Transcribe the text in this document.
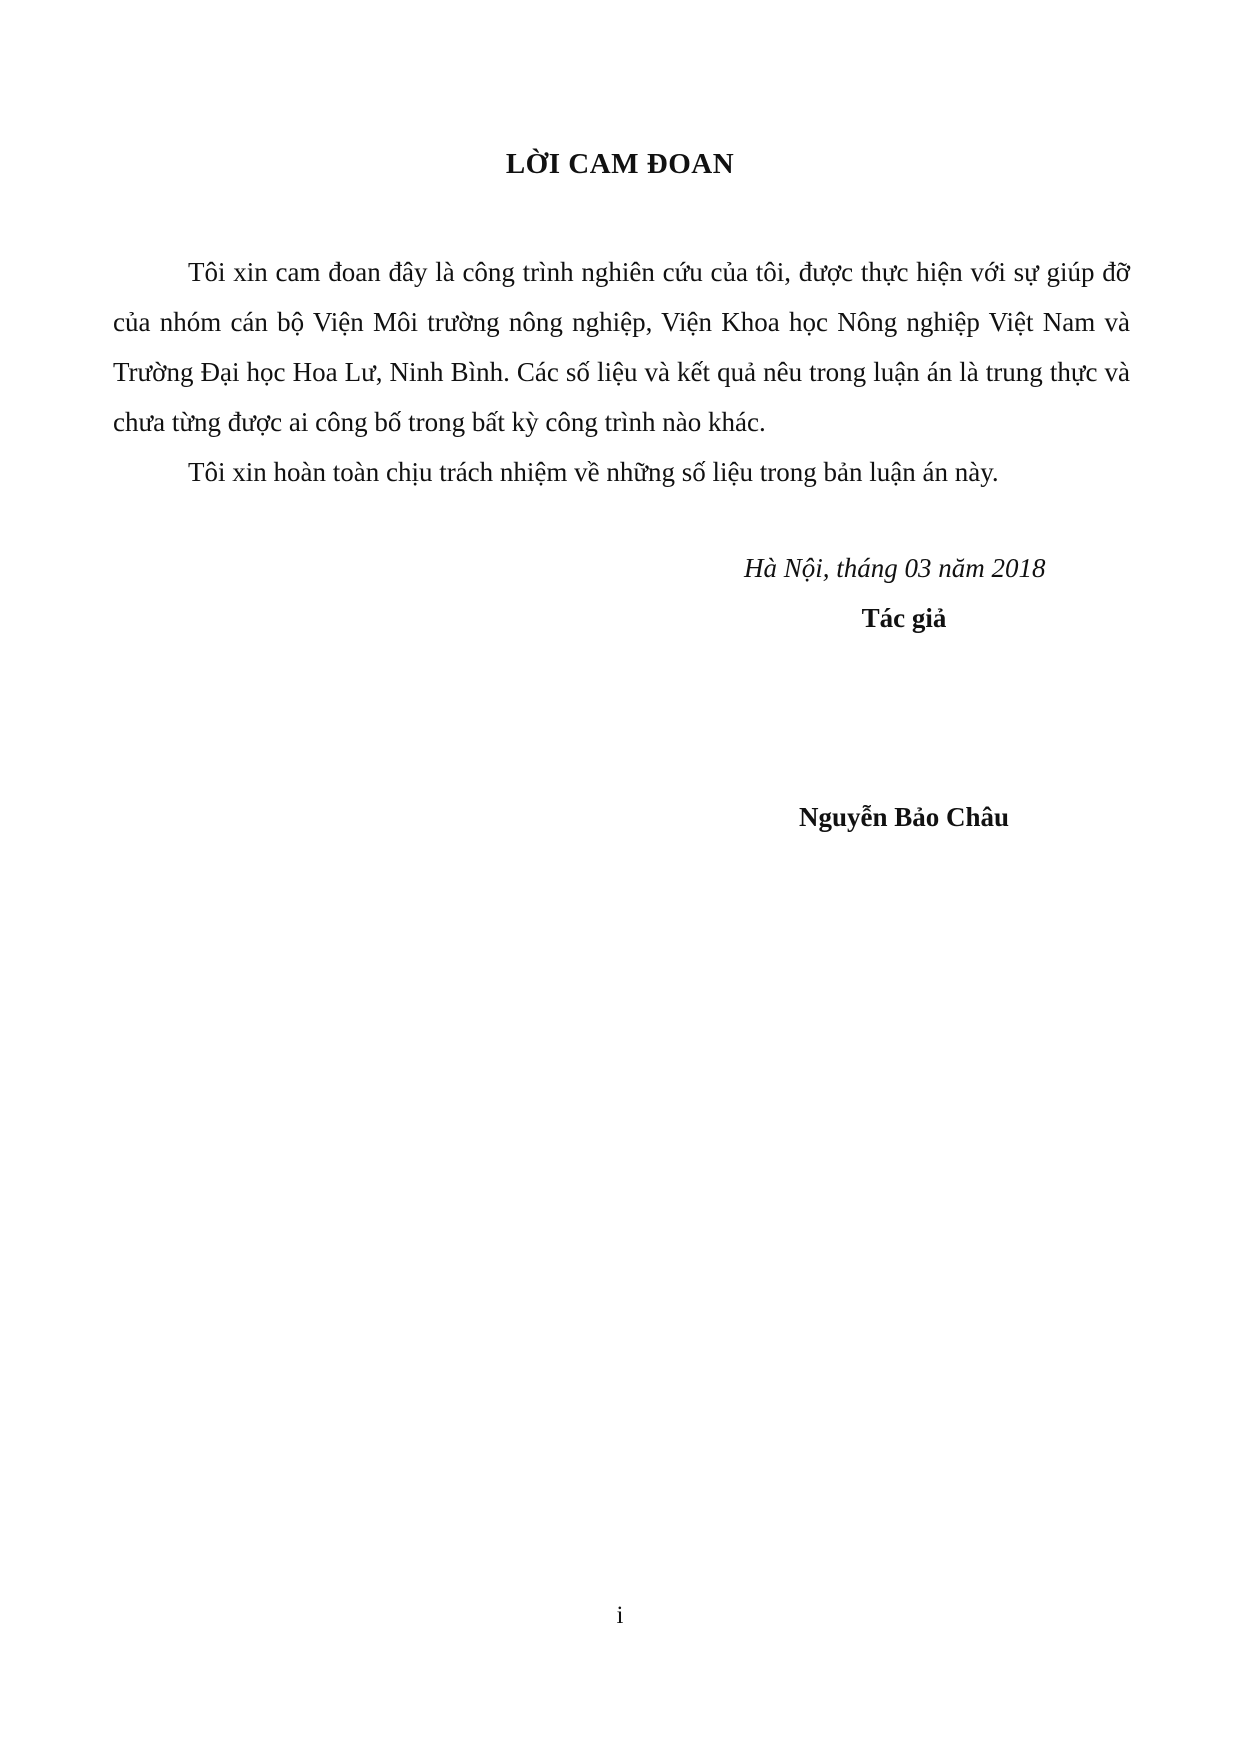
LỜI CAM ĐOAN

Tôi xin cam đoan đây là công trình nghiên cứu của tôi, được thực hiện với sự giúp đỡ của nhóm cán bộ Viện Môi trường nông nghiệp, Viện Khoa học Nông nghiệp Việt Nam và Trường Đại học Hoa Lư, Ninh Bình. Các số liệu và kết quả nêu trong luận án là trung thực và chưa từng được ai công bố trong bất kỳ công trình nào khác.

Tôi xin hoàn toàn chịu trách nhiệm về những số liệu trong bản luận án này.

Hà Nội, tháng 03 năm 2018
Tác giả
Nguyễn Bảo Châu
i
